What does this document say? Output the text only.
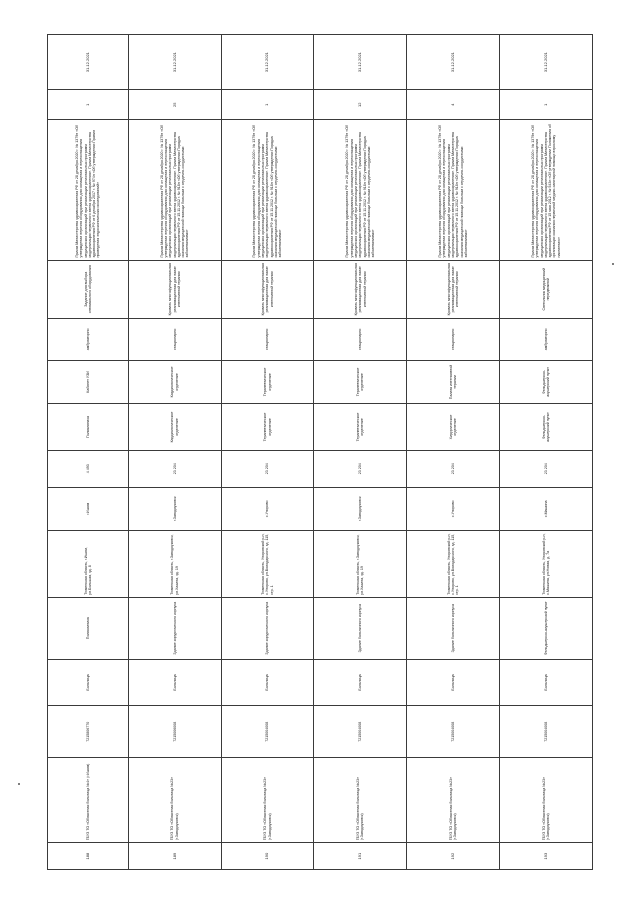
188	ГБУЗ ТО «Областная больница №4» (г.Ишим)	7215806770	Больница	Поликлиника	Тюменская область, г.Ишим, ул.Большая, зд. 8	г.Ишим	4 493	Поликлиника	Кабинет УЗИ	амбулаторно	Задание для выбора оптимального оборудования	Приказ Министерства здравоохранения РФ от 28 декабря 2020 г. № 1379н «Об утверждении перечня оборудования для оснащения и переоснащения медицинских организаций при реализации региональных программ модернизации первичного звена здравоохранения». Приказ Министерства здравоохранения РФ от 6 декабря 2017 г. № 974н «Об утверждении Правил проведения эндоскопических исследований»	1	31.12.2021
189	ГБУЗ ТО «Областная больница №23» (г.Заводоуковск)	7215006008	Больница	Здание хирургического корпуса	Тюменская область, г.Заводоуковск, ул.Хахина, зд. 19	г.Заводоуковск	23 204	Кардиологическое отделение	Кардиологическое отделение	стационарно	Кровать многофункциональная реанимационная для палат интенсивной терапии	Приказ Министерства здравоохранения РФ от 28 декабря 2020 г. № 1379н «Об утверждении перечня оборудования для оснащения и переоснащения медицинских организаций при реализации региональных программ модернизации первичного звена здравоохранения». Приказ Министерства здравоохранения РФ от 15.11.2012 г. № 918н «Об утверждении Порядка оказания медицинской помощи больным с сердечно-сосудистыми заболеваниями»	25	31.12.2021
190	ГБУЗ ТО «Областная больница №23» (г.Заводоуковск)	7215004008	Больница	Здание хирургического корпуса	Тюменская область, Упоровский р-н, с.Упорово, ул.Володарского, зд. 115, стр. 1	с.Упорово	23 204	Терапевтическое отделение	Терапевтическое отделение	стационарно	Кровать многофункциональная реанимационная для палат интенсивной терапии	Приказ Министерства здравоохранения РФ от 28 декабря 2020 г. № 1379н «Об утверждении перечня оборудования для оснащения и переоснащения медицинских организаций при реализации региональных программ модернизации первичного звена здравоохранения». Приказ Министерства здравоохранения РФ от 15.11.2012 г. № 918н «Об утверждении Порядка оказания медицинской помощи больным с сердечно-сосудистыми заболеваниями»	1	31.12.2021
191	ГБУЗ ТО «Областная больница №23» (г.Заводоуковск)	7215004008	Больница	Здание больничного корпуса	Тюменская область, г.Заводоуковск, ул.Хахина, зд. 19	г.Заводоуковск	23 204	Терапевтическое отделение	Терапевтическое отделение	стационарно	Кровать многофункциональная реанимационная для палат интенсивной терапии	Приказ Министерства здравоохранения РФ от 28 декабря 2020 г. № 1379н «Об утверждении перечня оборудования для оснащения и переоснащения медицинских организаций при реализации региональных программ модернизации первичного звена здравоохранения». Приказ Министерства здравоохранения РФ от 15.11.2012 г. № 918н «Об утверждении Порядка оказания медицинской помощи больным с сердечно-сосудистыми заболеваниями»	12	31.12.2021
192	ГБУЗ ТО «Областная больница №23» (г.Заводоуковск)	7215004008	Больница	Здание больничного корпуса	Тюменская область, Упоровский р-н, с.Упорово, ул.Володарского, зд. 115, стр. 1	с.Упорово	23 204	Хирургическое отделение	Палата интенсивной терапии	стационарно	Кровать многофункциональная реанимационная для палат интенсивной терапии	Приказ Министерства здравоохранения РФ от 28 декабря 2020 г. № 1379н «Об утверждении перечня оборудования для оснащения и переоснащения медицинских организаций при реализации региональных программ модернизации первичного звена здравоохранения». Приказ Министерства здравоохранения РФ от 15.11.2012 г. № 918н «Об утверждении Порядка оказания медицинской помощи больным с сердечно-сосудистыми заболеваниями»	4	31.12.2021
193	ГБУЗ ТО «Областная больница №23» (г.Заводоуковск)	7215004008	Больница	Фельдшерско-акушерский пункт	Тюменская область, Упоровский р-н, с.Машина, ул.Новая, д. 7а	с.Машина	23 204	Фельдшерско-акушерский пункт	Фельдшерско-акушерский пункт	амбулаторно	Светильник медицинский передвижной	Приказ Министерства здравоохранения РФ от 28 декабря 2020 г. № 1379н «Об утверждении перечня оборудования для оснащения и переоснащения медицинских организаций при реализации региональных программ модернизации первичного звена здравоохранения». Приказ Министерства здравоохранения РФ от 15 мая 2012 г. № 543н «Об утверждении Положения об организации оказания первичной медико-санитарной помощи взрослому населению»	1	31.12.2021
